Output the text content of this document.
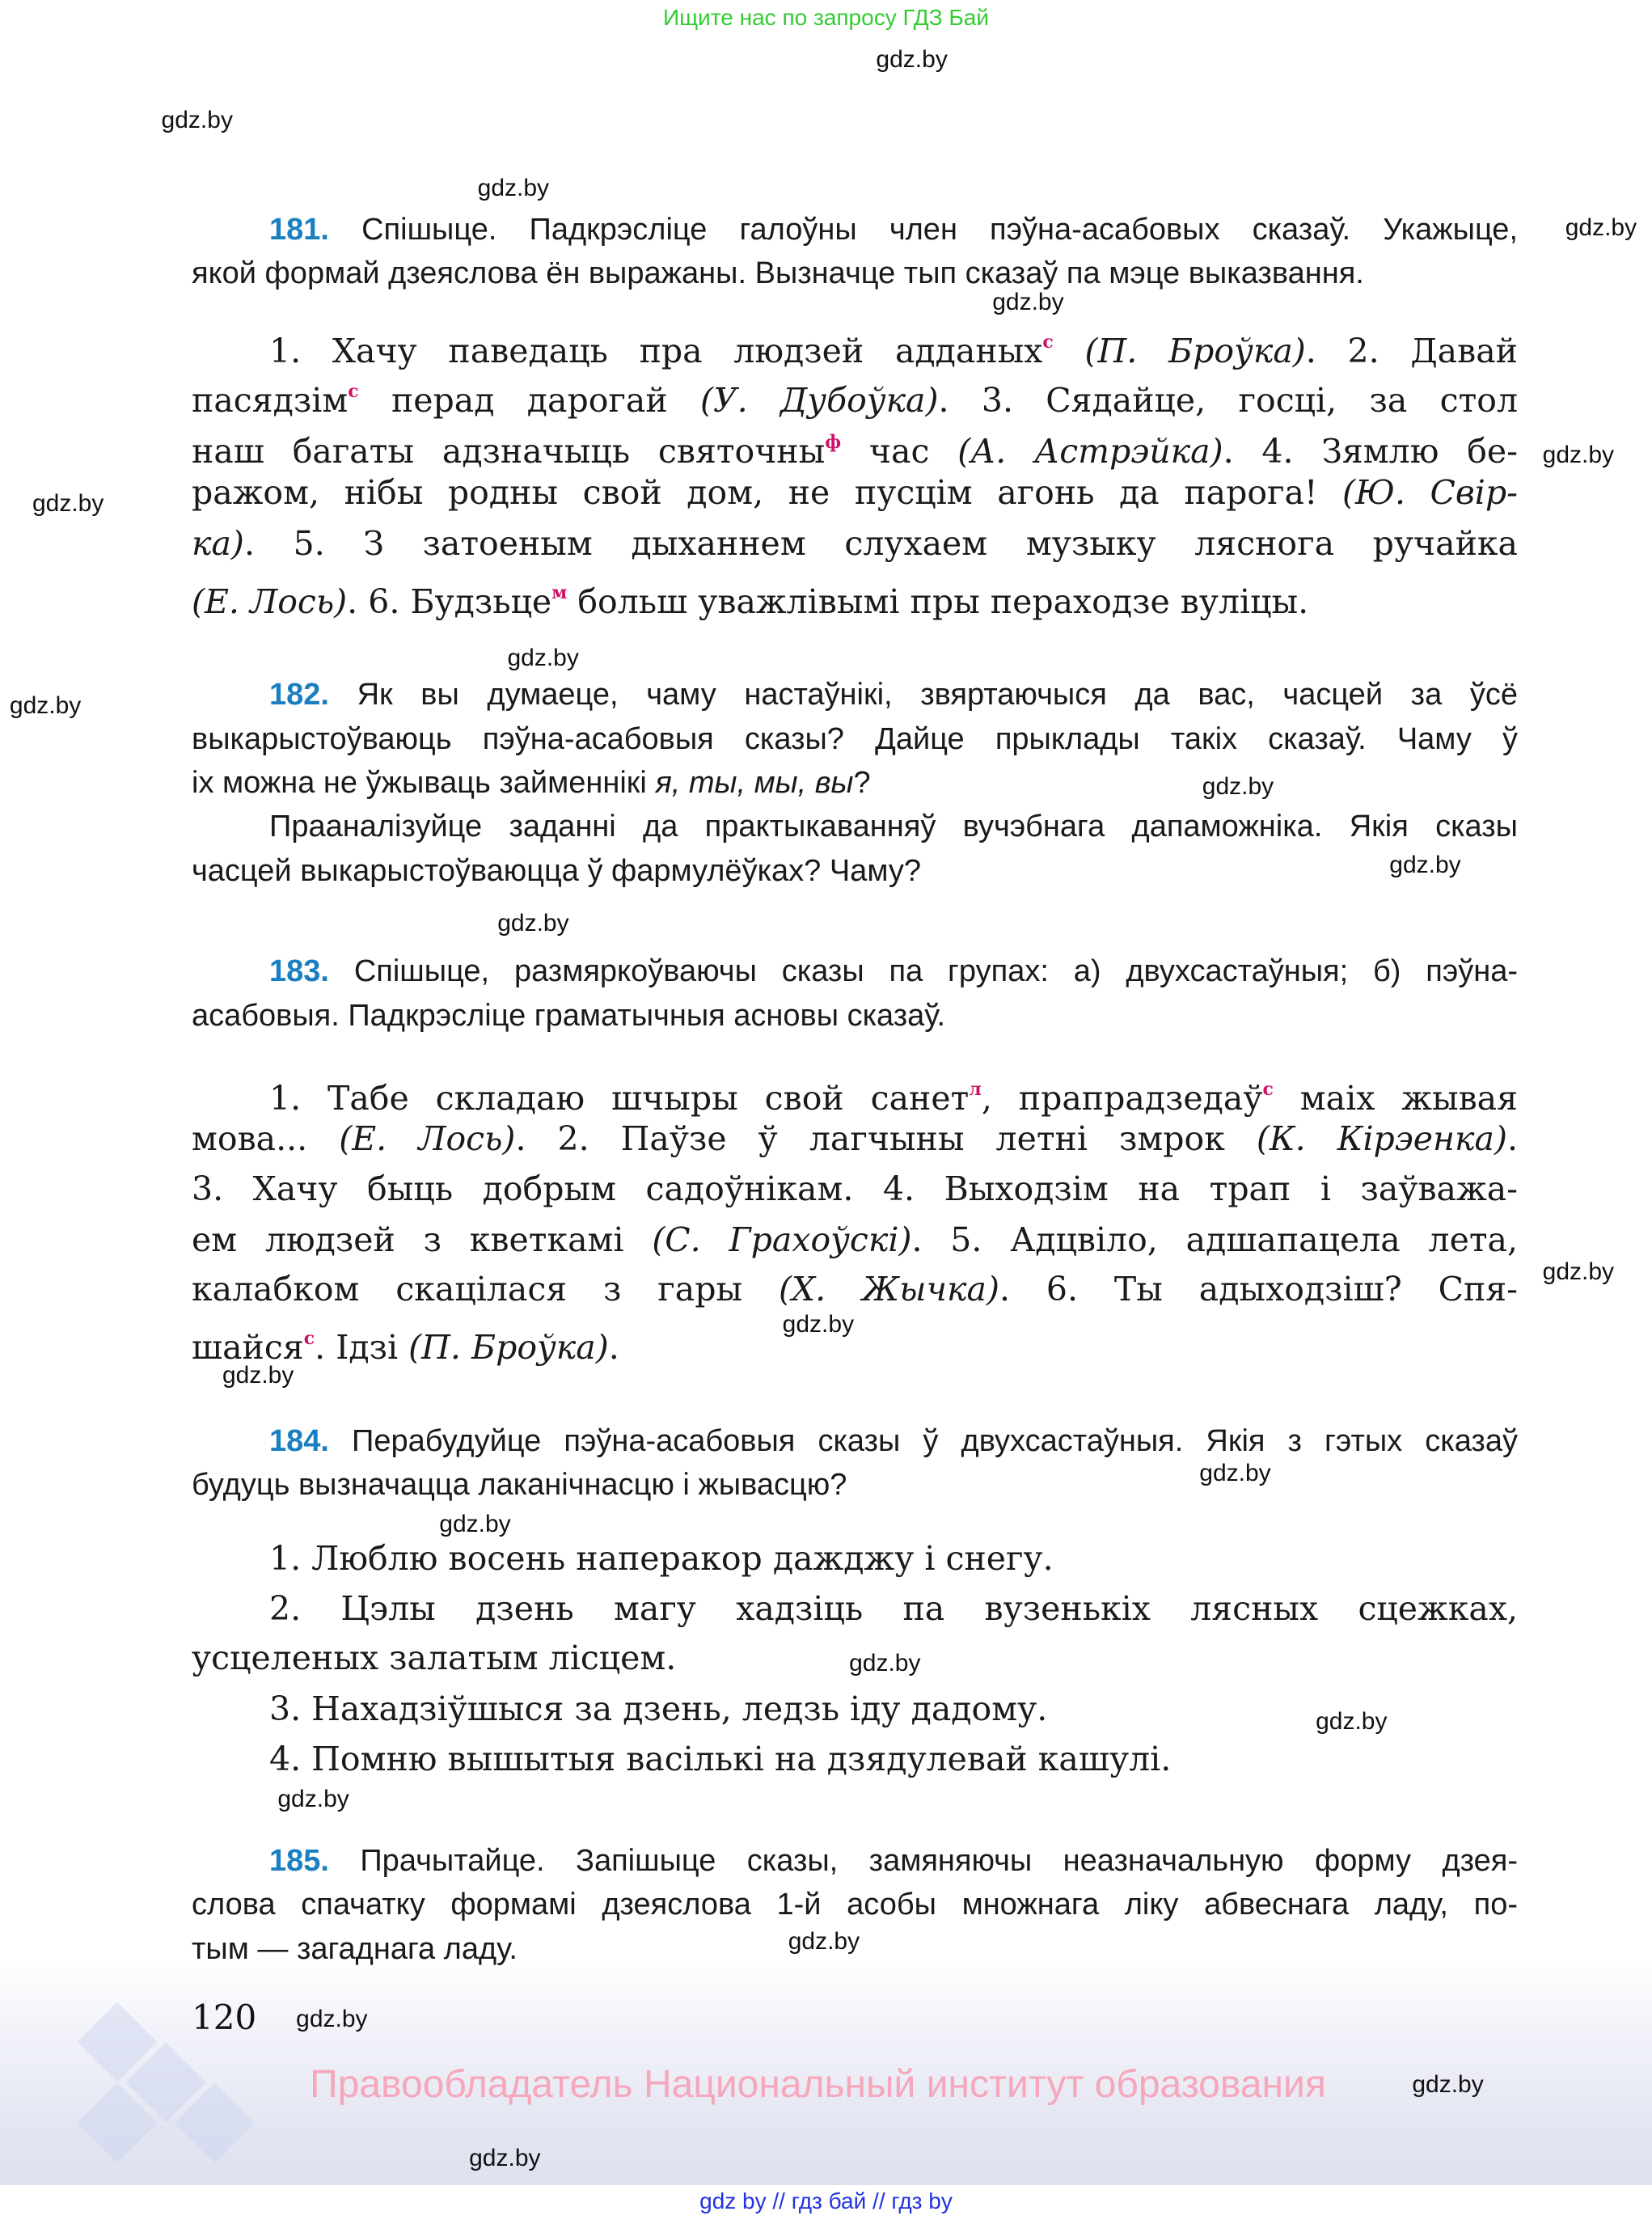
Ищите нас по запросу ГДЗ Бай
gdz.by
gdz.by
gdz.by
gdz.by
gdz.by
gdz.by
gdz.by
gdz.by
gdz.by
gdz.by
gdz.by
gdz.by
gdz.by
gdz.by
gdz.by
gdz.by
gdz.by
gdz.by
gdz.by
gdz.by
gdz.by
gdz.by
gdz.by
gdz.by
181. Спішыце. Падкрэсліце галоўны член пэўна-асабовых сказаў. Укажыце,
якой формай дзеяслова ён выражаны. Вызначце тып сказаў па мэце выказвання.
1. Хачу паведаць пра людзей адданых$^с$ (П. Броўка). 2. Давай
пасядзім$^с$ перад дарогай (У. Дубоўка). 3. Сядайце, госці, за стол
наш багаты адзначыць святочны$^ф$ час (А. Астрэйка). 4. Зямлю бе-
ражом, нібы родны свой дом, не пусцім агонь да парога! (Ю. Свір-
ка). 5. З затоеным дыханнем слухаем музыку ляснога ручайка
(Е. Лось). 6. Будзьце$^м$ больш уважлівымі пры пераходзе вуліцы.
182. Як вы думаеце, чаму настаўнікі, звяртаючыся да вас, часцей за ўсё
выкарыстоўваюць пэўна-асабовыя сказы? Дайце прыклады такіх сказаў. Чаму ў
іх можна не ўжываць займеннікі я, ты, мы, вы?
Прааналізуйце заданні да практыкаванняў вучэбнага дапаможніка. Якія сказы
часцей выкарыстоўваюцца ў фармулёўках? Чаму?
183. Спішыце, размяркоўваючы сказы па групах: а) двухсастаўныя; б) пэўна-
асабовыя. Падкрэсліце граматычныя асновы сказаў.
1. Табе складаю шчыры свой санет$^л$, прапрадзедаў$^с$ маіх жывая
мова... (Е. Лось). 2. Паўзе ў лагчыны летні змрок (К. Кірэенка).
3. Хачу быць добрым садоўнікам. 4. Выходзім на трап і заўважа-
ем людзей з кветкамі (С. Грахоўскі). 5. Адцвіло, адшапацела лета,
калабком скацілася з гары (Х. Жычка). 6. Ты адыходзіш? Спя-
шайся$^с$. Ідзі (П. Броўка).
184. Перабудуйце пэўна-асабовыя сказы ў двухсастаўныя. Якія з гэтых сказаў
будуць вызначацца лаканічнасцю і жывасцю?
1. Люблю восень наперакор дажджу і снегу.
2. Цэлы дзень магу хадзіць па вузенькіх лясных сцежках,
усцеленых залатым лісцем.
3. Нахадзіўшыся за дзень, ледзь іду дадому.
4. Помню вышытыя васількі на дзядулевай кашулі.
185. Прачытайце. Запішыце сказы, замяняючы неазначальную форму дзея-
слова спачатку формамі дзеяслова 1-й асобы множнага ліку абвеснага ладу, по-
тым — загаднага ладу.
120
Правообладатель Национальный институт образования
gdz by // гдз бай // гдз by
